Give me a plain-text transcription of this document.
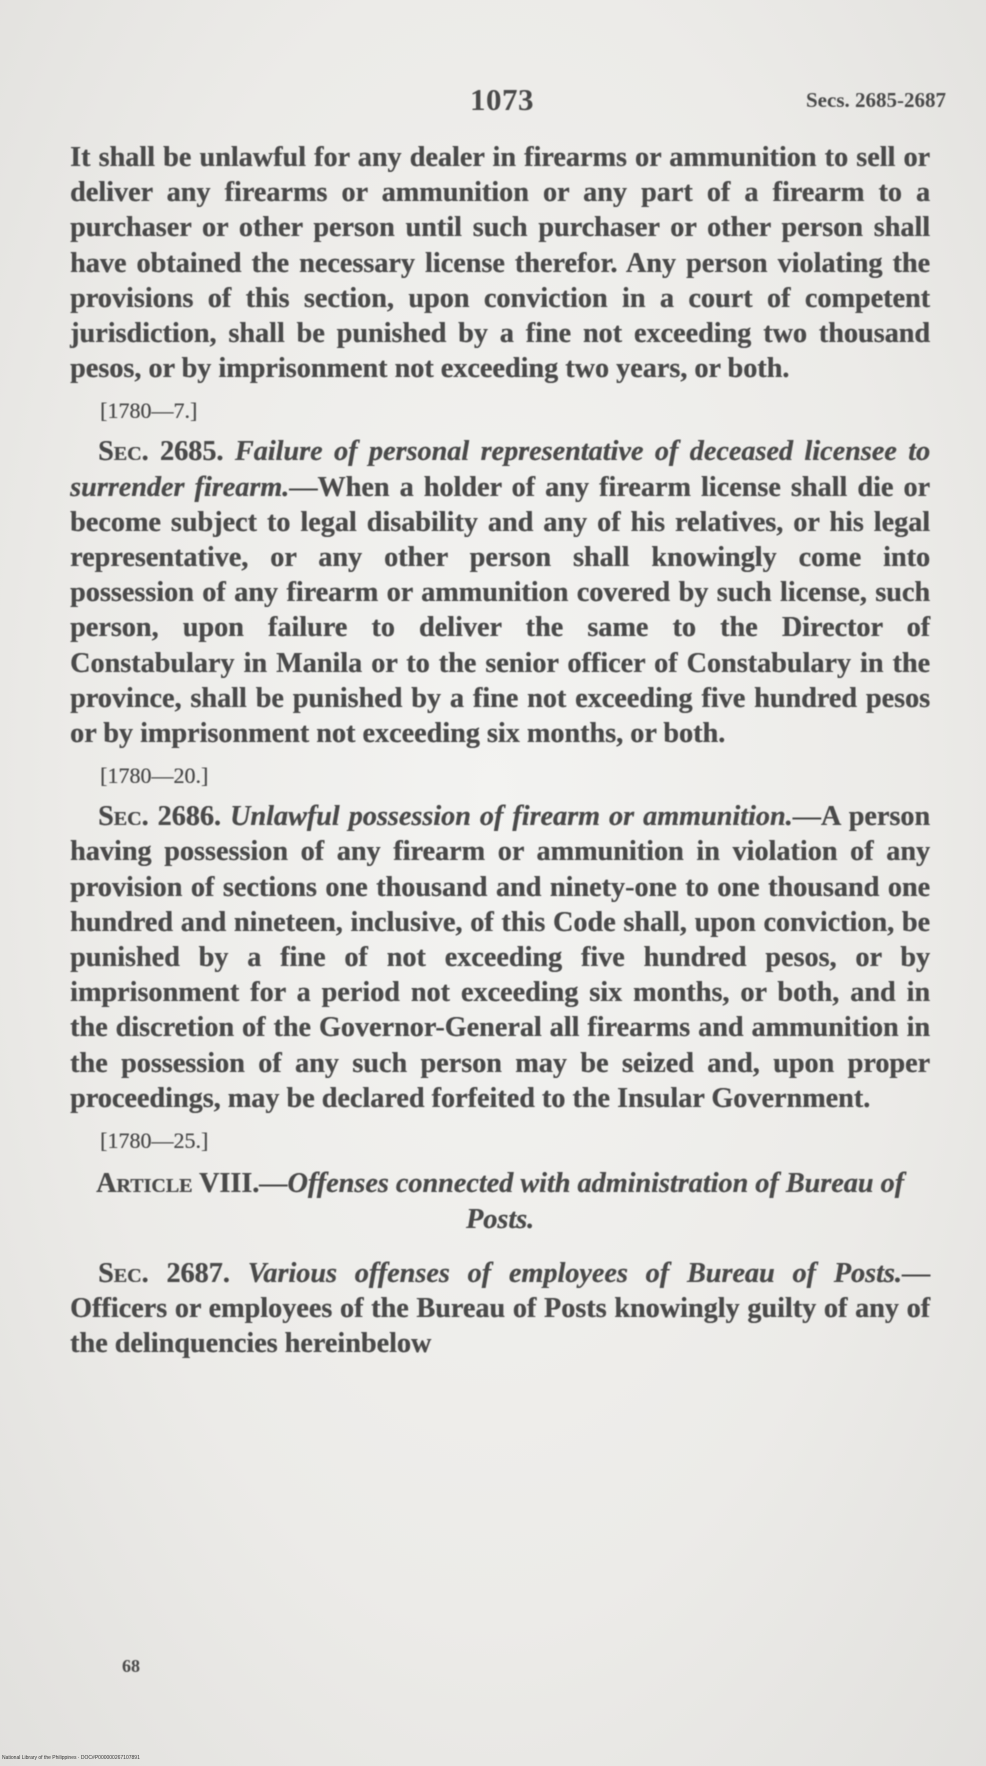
1073	Secs. 2685-2687

It shall be unlawful for any dealer in firearms or ammunition to sell or deliver any firearms or ammunition or any part of a firearm to a purchaser or other person until such purchaser or other person shall have obtained the necessary license therefor. Any person violating the provisions of this section, upon conviction in a court of competent jurisdiction, shall be punished by a fine not exceeding two thousand pesos, or by imprisonment not exceeding two years, or both.

[1780—7.]

Sec. 2685. Failure of personal representative of deceased licensee to surrender firearm.—When a holder of any firearm license shall die or become subject to legal disability and any of his relatives, or his legal representative, or any other person shall knowingly come into possession of any firearm or ammunition covered by such license, such person, upon failure to deliver the same to the Director of Constabulary in Manila or to the senior officer of Constabulary in the province, shall be punished by a fine not exceeding five hundred pesos or by imprisonment not exceeding six months, or both.

[1780—20.]

Sec. 2686. Unlawful possession of firearm or ammunition.—A person having possession of any firearm or ammunition in violation of any provision of sections one thousand and ninety-one to one thousand one hundred and nineteen, inclusive, of this Code shall, upon conviction, be punished by a fine of not exceeding five hundred pesos, or by imprisonment for a period not exceeding six months, or both, and in the discretion of the Governor-General all firearms and ammunition in the possession of any such person may be seized and, upon proper proceedings, may be declared forfeited to the Insular Government.

[1780—25.]
Article VIII.—Offenses connected with administration of Bureau of Posts.

Sec. 2687. Various offenses of employees of Bureau of Posts.—Officers or employees of the Bureau of Posts knowingly guilty of any of the delinquencies hereinbelow

68
National Library of the Philippines · DOC#P000000267107891
